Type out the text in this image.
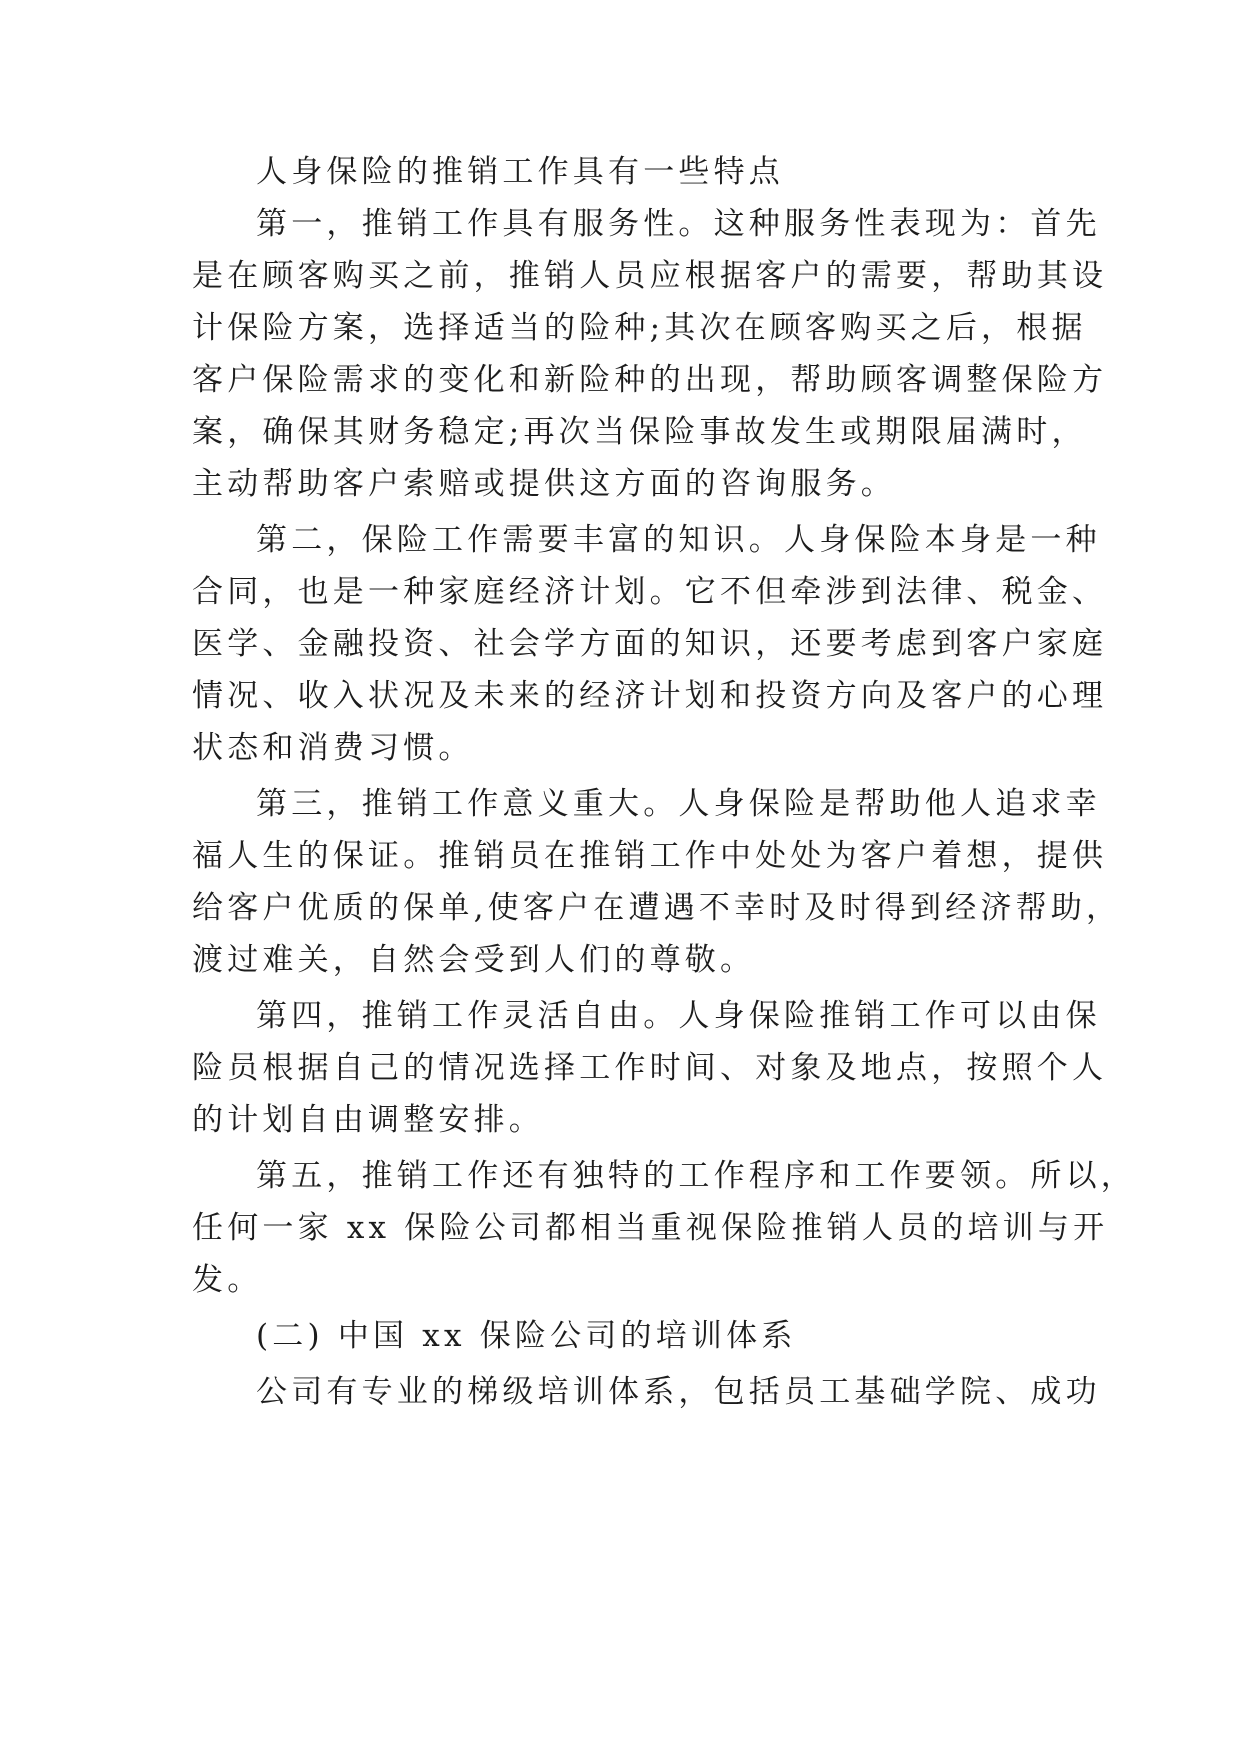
人身保险的推销工作具有一些特点

第一，推销工作具有服务性。这种服务性表现为：首先

是在顾客购买之前，推销人员应根据客户的需要，帮助其设

计保险方案，选择适当的险种;其次在顾客购买之后，根据

客户保险需求的变化和新险种的出现，帮助顾客调整保险方

案，确保其财务稳定;再次当保险事故发生或期限届满时，

主动帮助客户索赔或提供这方面的咨询服务。

第二，保险工作需要丰富的知识。人身保险本身是一种

合同，也是一种家庭经济计划。它不但牵涉到法律、税金、

医学、金融投资、社会学方面的知识，还要考虑到客户家庭

情况、收入状况及未来的经济计划和投资方向及客户的心理

状态和消费习惯。

第三，推销工作意义重大。人身保险是帮助他人追求幸

福人生的保证。推销员在推销工作中处处为客户着想，提供

给客户优质的保单,使客户在遭遇不幸时及时得到经济帮助，

渡过难关，自然会受到人们的尊敬。

第四，推销工作灵活自由。人身保险推销工作可以由保

险员根据自己的情况选择工作时间、对象及地点，按照个人

的计划自由调整安排。

第五，推销工作还有独特的工作程序和工作要领。所以，

任何一家 xx 保险公司都相当重视保险推销人员的培训与开

发。

(二) 中国 xx 保险公司的培训体系

公司有专业的梯级培训体系，包括员工基础学院、成功
